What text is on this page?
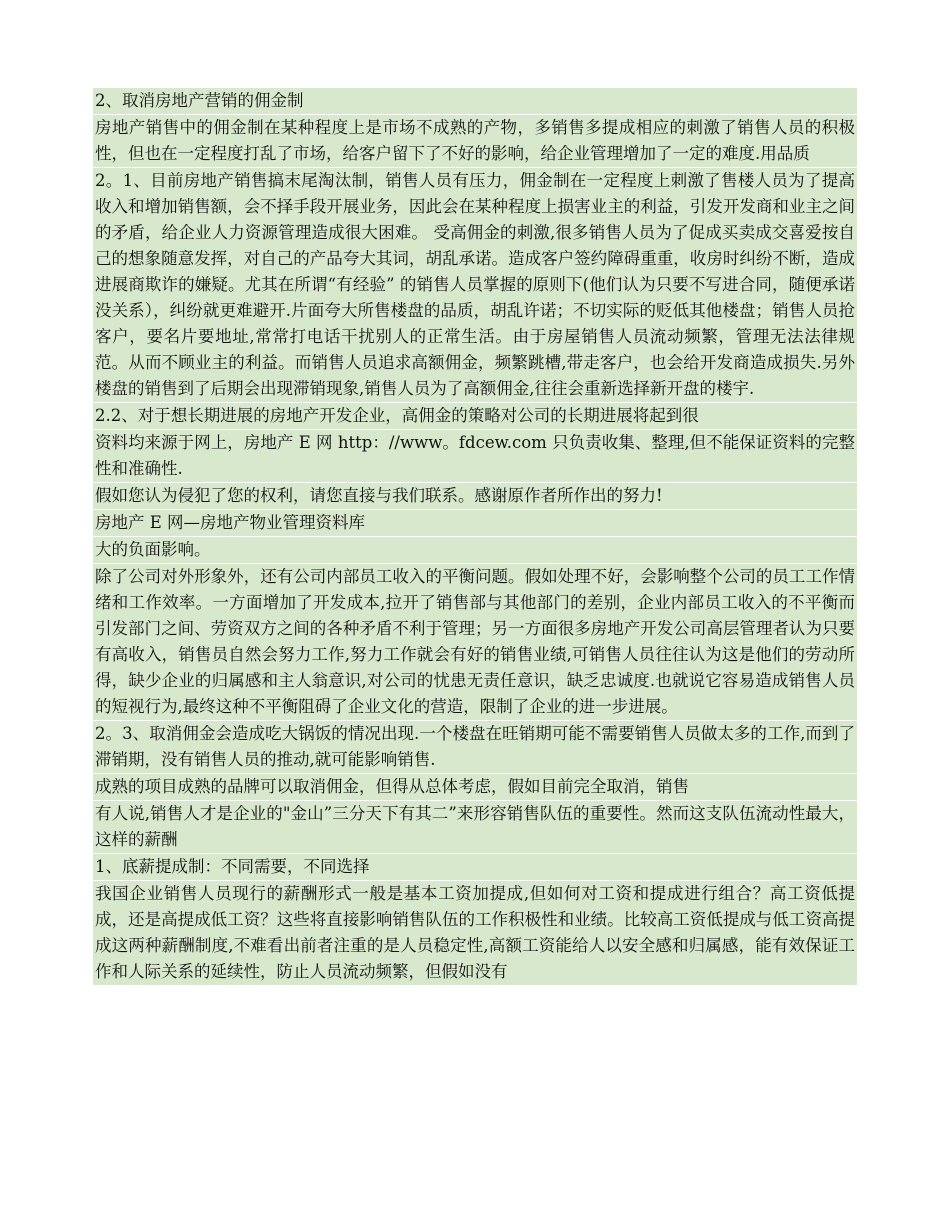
2、取消房地产营销的佣金制

房地产销售中的佣金制在某种程度上是市场不成熟的产物，多销售多提成相应的刺激了销售人员的积极性，但也在一定程度打乱了市场，给客户留下了不好的影响，给企业管理增加了一定的难度.用品质

2。1、目前房地产销售搞末尾淘汰制，销售人员有压力，佣金制在一定程度上刺激了售楼人员为了提高收入和增加销售额，会不择手段开展业务，因此会在某种程度上损害业主的利益，引发开发商和业主之间的矛盾，给企业人力资源管理造成很大困难。 受高佣金的刺激,很多销售人员为了促成买卖成交喜爱按自己的想象随意发挥，对自己的产品夸大其词，胡乱承诺。造成客户签约障碍重重，收房时纠纷不断，造成进展商欺诈的嫌疑。尤其在所谓“有经验” 的销售人员掌握的原则下(他们认为只要不写进合同，随便承诺没关系），纠纷就更难避开.片面夸大所售楼盘的品质，胡乱许诺；不切实际的贬低其他楼盘；销售人员抢客户，要名片要地址,常常打电话干扰别人的正常生活。由于房屋销售人员流动频繁，管理无法法律规范。从而不顾业主的利益。而销售人员追求高额佣金，频繁跳槽,带走客户，也会给开发商造成损失.另外楼盘的销售到了后期会出现滞销现象,销售人员为了高额佣金,往往会重新选择新开盘的楼宇.

2.2、对于想长期进展的房地产开发企业，高佣金的策略对公司的长期进展将起到很

资料均来源于网上，房地产 E 网 http：//www。fdcew.com 只负责收集、整理,但不能保证资料的完整性和准确性.

假如您认为侵犯了您的权利，请您直接与我们联系。感谢原作者所作出的努力!

房地产 E 网—房地产物业管理资料库

大的负面影响。

除了公司对外形象外，还有公司内部员工收入的平衡问题。假如处理不好，会影响整个公司的员工工作情绪和工作效率。一方面增加了开发成本,拉开了销售部与其他部门的差别，企业内部员工收入的不平衡而引发部门之间、劳资双方之间的各种矛盾不利于管理；另一方面很多房地产开发公司高层管理者认为只要有高收入，销售员自然会努力工作,努力工作就会有好的销售业绩,可销售人员往往认为这是他们的劳动所得，缺少企业的归属感和主人翁意识,对公司的忧患无责任意识，缺乏忠诚度.也就说它容易造成销售人员的短视行为,最终这种不平衡阻碍了企业文化的营造，限制了企业的进一步进展。

2。3、取消佣金会造成吃大锅饭的情况出现.一个楼盘在旺销期可能不需要销售人员做太多的工作,而到了滞销期，没有销售人员的推动,就可能影响销售.

成熟的项目成熟的品牌可以取消佣金，但得从总体考虑，假如目前完全取消，销售

有人说,销售人才是企业的"金山”三分天下有其二”来形容销售队伍的重要性。然而这支队伍流动性最大，这样的薪酬

1、底薪提成制：不同需要，不同选择

我国企业销售人员现行的薪酬形式一般是基本工资加提成,但如何对工资和提成进行组合？高工资低提成，还是高提成低工资？这些将直接影响销售队伍的工作积极性和业绩。比较高工资低提成与低工资高提成这两种薪酬制度,不难看出前者注重的是人员稳定性,高额工资能给人以安全感和归属感，能有效保证工作和人际关系的延续性，防止人员流动频繁，但假如没有
